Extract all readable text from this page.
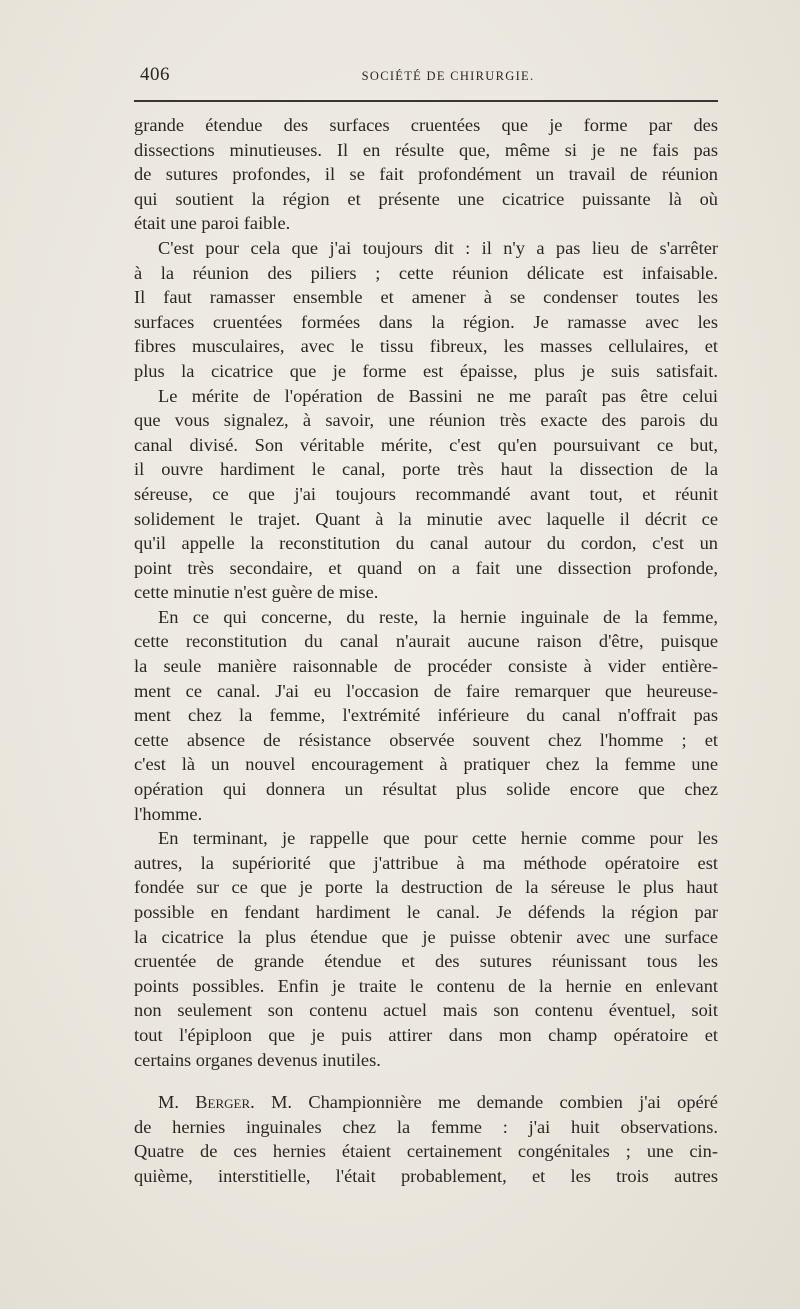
406	SOCIÉTÉ DE CHIRURGIE.
grande étendue des surfaces cruentées que je forme par des
dissections minutieuses. Il en résulte que, même si je ne fais pas
de sutures profondes, il se fait profondément un travail de réunion
qui soutient la région et présente une cicatrice puissante là où
était une paroi faible.
C'est pour cela que j'ai toujours dit : il n'y a pas lieu de s'arrêter
à la réunion des piliers ; cette réunion délicate est infaisable.
Il faut ramasser ensemble et amener à se condenser toutes les
surfaces cruentées formées dans la région. Je ramasse avec les
fibres musculaires, avec le tissu fibreux, les masses cellulaires, et
plus la cicatrice que je forme est épaisse, plus je suis satisfait.
Le mérite de l'opération de Bassini ne me paraît pas être celui
que vous signalez, à savoir, une réunion très exacte des parois du
canal divisé. Son véritable mérite, c'est qu'en poursuivant ce but,
il ouvre hardiment le canal, porte très haut la dissection de la
séreuse, ce que j'ai toujours recommandé avant tout, et réunit
solidement le trajet. Quant à la minutie avec laquelle il décrit ce
qu'il appelle la reconstitution du canal autour du cordon, c'est un
point très secondaire, et quand on a fait une dissection profonde,
cette minutie n'est guère de mise.
En ce qui concerne, du reste, la hernie inguinale de la femme,
cette reconstitution du canal n'aurait aucune raison d'être, puisque
la seule manière raisonnable de procéder consiste à vider entière-
ment ce canal. J'ai eu l'occasion de faire remarquer que heureuse-
ment chez la femme, l'extrémité inférieure du canal n'offrait pas
cette absence de résistance observée souvent chez l'homme ; et
c'est là un nouvel encouragement à pratiquer chez la femme une
opération qui donnera un résultat plus solide encore que chez
l'homme.
En terminant, je rappelle que pour cette hernie comme pour les
autres, la supériorité que j'attribue à ma méthode opératoire est
fondée sur ce que je porte la destruction de la séreuse le plus haut
possible en fendant hardiment le canal. Je défends la région par
la cicatrice la plus étendue que je puisse obtenir avec une surface
cruentée de grande étendue et des sutures réunissant tous les
points possibles. Enfin je traite le contenu de la hernie en enlevant
non seulement son contenu actuel mais son contenu éventuel, soit
tout l'épiploon que je puis attirer dans mon champ opératoire et
certains organes devenus inutiles.
M. Berger. M. Championnière me demande combien j'ai opéré
de hernies inguinales chez la femme : j'ai huit observations.
Quatre de ces hernies étaient certainement congénitales ; une cin-
quième, interstitielle, l'était probablement, et les trois autres
